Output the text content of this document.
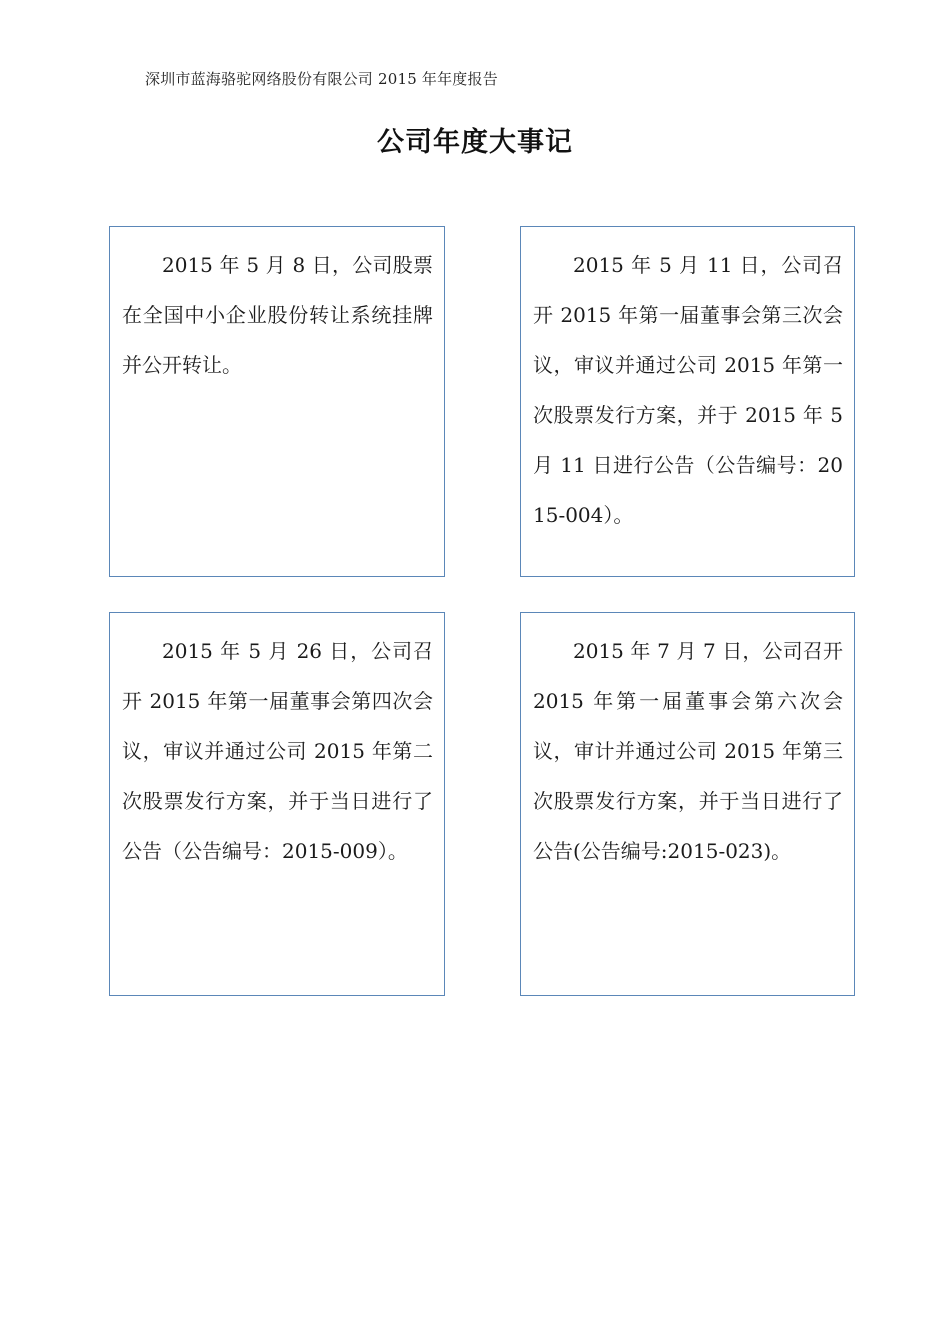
深圳市蓝海骆驼网络股份有限公司 2015 年年度报告
公司年度大事记

2015 年 5 月 8 日，公司股票在全国中小企业股份转让系统挂牌并公开转让。

2015 年 5 月 11 日，公司召开 2015 年第一届董事会第三次会议，审议并通过公司 2015 年第一次股票发行方案，并于 2015 年 5 月 11 日进行公告（公告编号：2015-004）。

2015 年 5 月 26 日，公司召开 2015 年第一届董事会第四次会议，审议并通过公司 2015 年第二次股票发行方案，并于当日进行了公告（公告编号：2015-009）。

2015 年 7 月 7 日，公司召开 2015 年第一届董事会第六次会议，审计并通过公司 2015 年第三次股票发行方案，并于当日进行了公告(公告编号:2015-023)。
